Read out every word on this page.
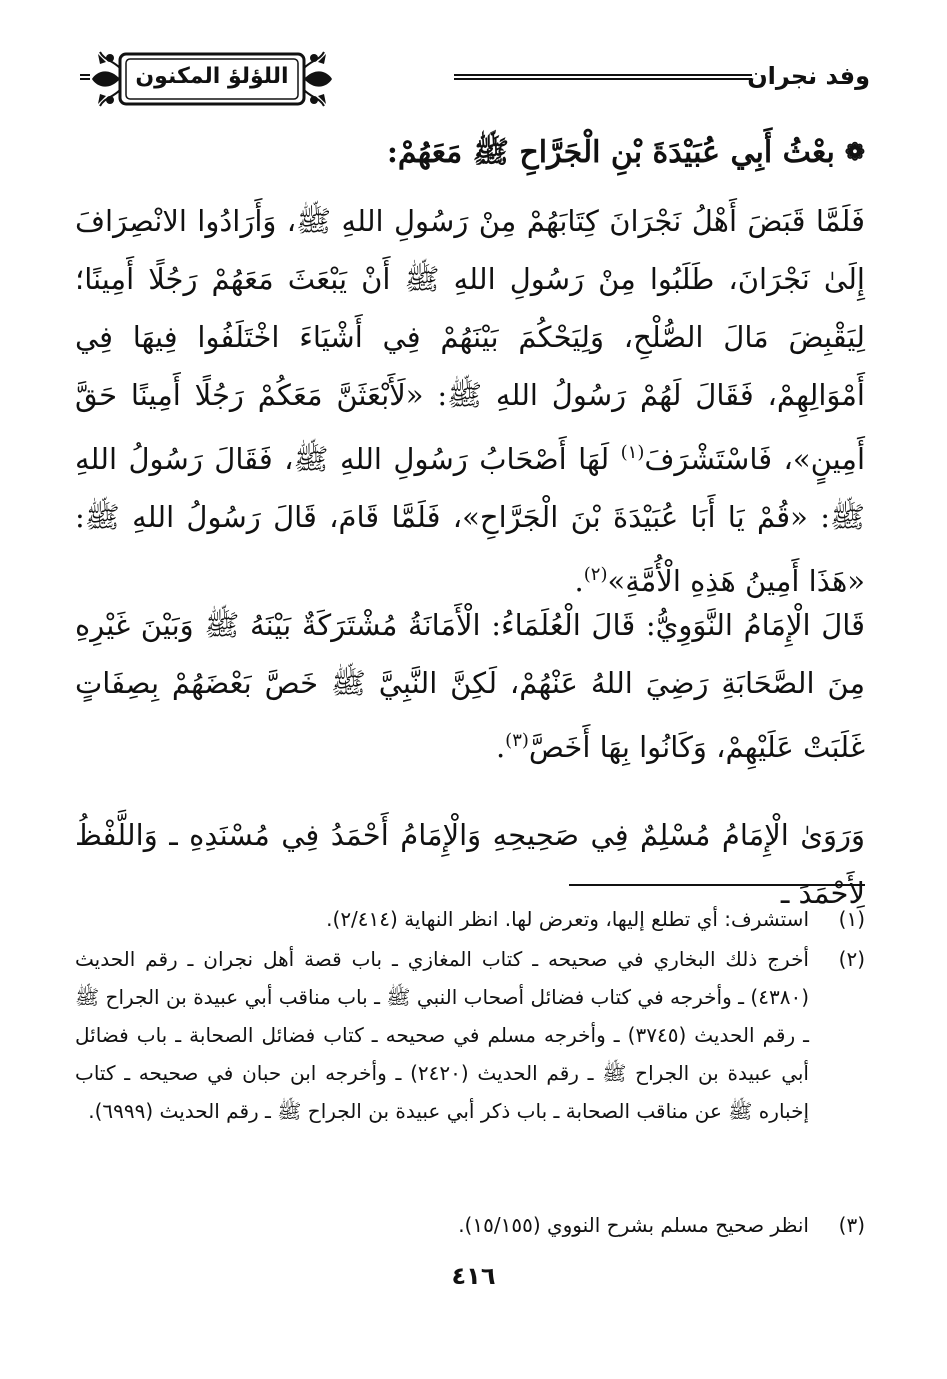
وفد نجران
اللؤلؤ المكنون
❁بعْثُ أَبِي عُبَيْدَةَ بْنِ الْجَرَّاحِ ﷺ مَعَهُمْ:

فَلَمَّا قَبَضَ أَهْلُ نَجْرَانَ كِتَابَهُمْ مِنْ رَسُولِ اللهِ ﷺ، وَأَرَادُوا الانْصِرَافَ إِلَىٰ نَجْرَانَ، طَلَبُوا مِنْ رَسُولِ اللهِ ﷺ أَنْ يَبْعَثَ مَعَهُمْ رَجُلًا أَمِينًا؛ لِيَقْبِضَ مَالَ الصُّلْحِ، وَلِيَحْكُمَ بَيْنَهُمْ فِي أَشْيَاءَ اخْتَلَفُوا فِيهَا فِي أَمْوَالِهِمْ، فَقَالَ لَهُمْ رَسُولُ اللهِ ﷺ: «لَأَبْعَثَنَّ مَعَكُمْ رَجُلًا أَمِينًا حَقَّ أَمِينٍ»، فَاسْتَشْرَفَ$^{(١)}$ لَهَا أَصْحَابُ رَسُولِ اللهِ ﷺ، فَقَالَ رَسُولُ اللهِ ﷺ: «قُمْ يَا أَبَا عُبَيْدَةَ بْنَ الْجَرَّاحِ»، فَلَمَّا قَامَ، قَالَ رَسُولُ اللهِ ﷺ: «هَذَا أَمِينُ هَذِهِ الْأُمَّةِ»$^{(٢)}$.

قَالَ الْإِمَامُ النَّوَوِيُّ: قَالَ الْعُلَمَاءُ: الْأَمَانَةُ مُشْتَرَكَةٌ بَيْنَهُ ﷺ وَبَيْنَ غَيْرِهِ مِنَ الصَّحَابَةِ رَضِيَ اللهُ عَنْهُمْ، لَكِنَّ النَّبِيَّ ﷺ خَصَّ بَعْضَهُمْ بِصِفَاتٍ غَلَبَتْ عَلَيْهِمْ، وَكَانُوا بِهَا أَخَصَّ$^{(٣)}$.

وَرَوَىٰ الْإِمَامُ مُسْلِمٌ فِي صَحِيحِهِ وَالْإِمَامُ أَحْمَدُ فِي مُسْنَدِهِ ـ وَاللَّفْظُ لِأَحْمَدَ ـ

(١)
استشرف: أي تطلع إليها، وتعرض لها. انظر النهاية (٢/٤١٤).

(٢)
أخرج ذلك البخاري في صحيحه ـ كتاب المغازي ـ باب قصة أهل نجران ـ رقم الحديث (٤٣٨٠) ـ وأخرجه في كتاب فضائل أصحاب النبي ﷺ ـ باب مناقب أبي عبيدة بن الجراح ﷺ ـ رقم الحديث (٣٧٤٥) ـ وأخرجه مسلم في صحيحه ـ كتاب فضائل الصحابة ـ باب فضائل أبي عبيدة بن الجراح ﷺ ـ رقم الحديث (٢٤٢٠) ـ وأخرجه ابن حبان في صحيحه ـ كتاب إخباره ﷺ عن مناقب الصحابة ـ باب ذكر أبي عبيدة بن الجراح ﷺ ـ رقم الحديث (٦٩٩٩).

(٣)
انظر صحيح مسلم بشرح النووي (١٥/١٥٥).

٤١٦
